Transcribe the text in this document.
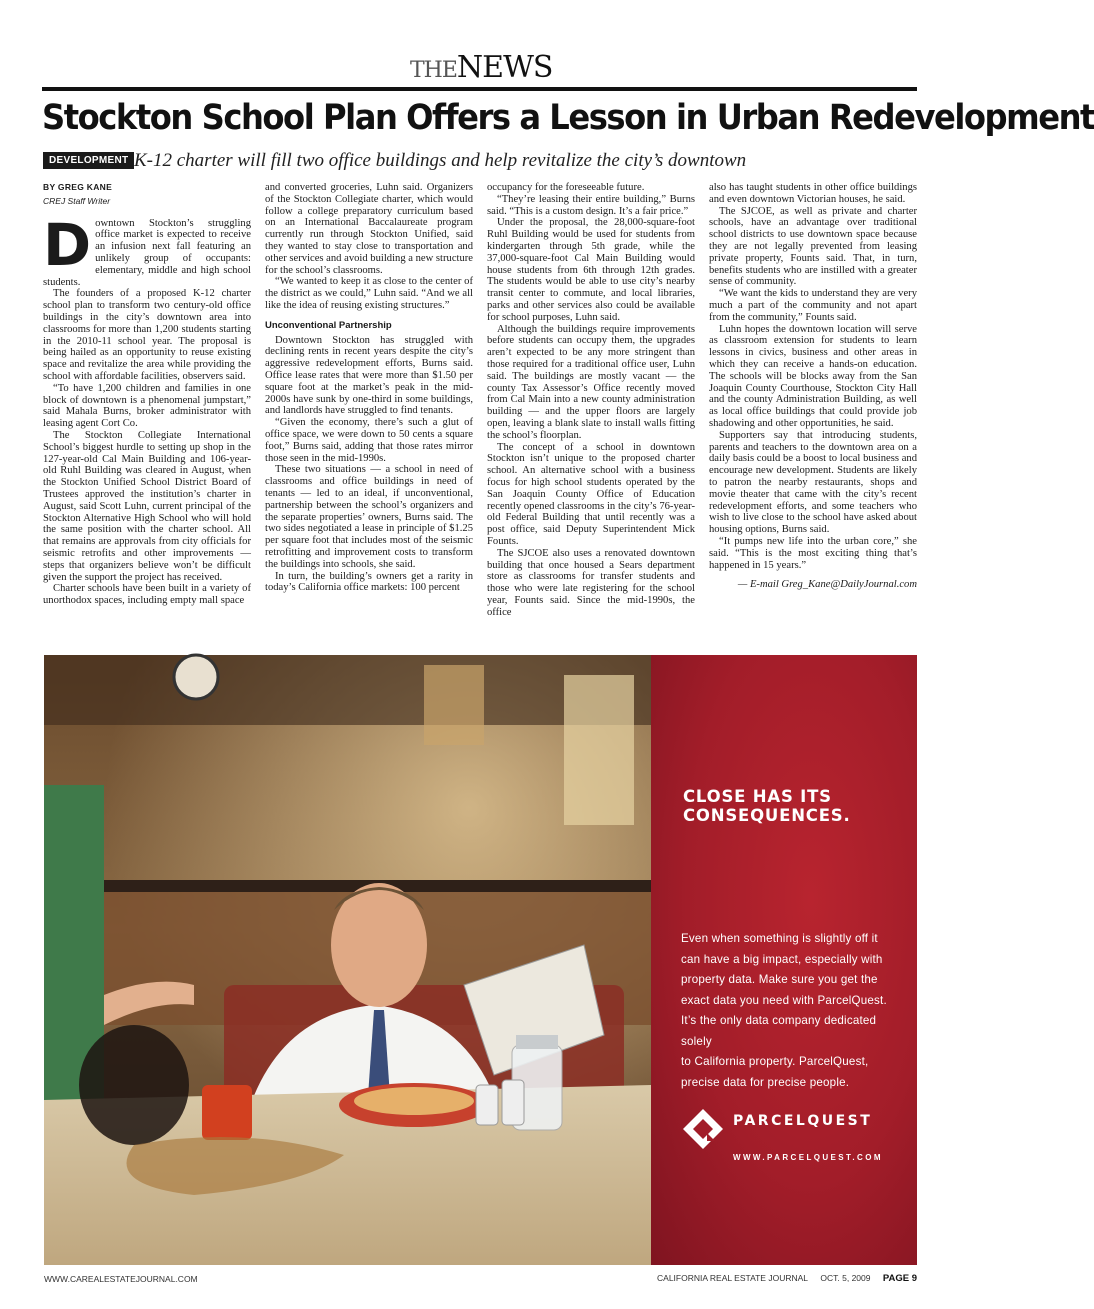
THENEWS
Stockton School Plan Offers a Lesson in Urban Redevelopment
DEVELOPMENT K-12 charter will fill two office buildings and help revitalize the city’s downtown
BY GREG KANE
CREJ Staff Writer

Downtown Stockton’s struggling office market is expected to receive an infusion next fall featuring an unlikely group of occupants: elementary, middle and high school students.

The founders of a proposed K-12 charter school plan to transform two century-old office buildings in the city’s downtown area into classrooms for more than 1,200 students starting in the 2010-11 school year. The proposal is being hailed as an opportunity to reuse existing space and revitalize the area while providing the school with affordable facilities, observers said.

“To have 1,200 children and families in one block of downtown is a phenomenal jumpstart,” said Mahala Burns, broker administrator with leasing agent Cort Co.

The Stockton Collegiate International School’s biggest hurdle to setting up shop in the 127-year-old Cal Main Building and 106-year-old Ruhl Building was cleared in August, when the Stockton Unified School District Board of Trustees approved the institution’s charter in August, said Scott Luhn, current principal of the Stockton Alternative High School who will hold the same position with the charter school. All that remains are approvals from city officials for seismic retrofits and other improvements — steps that organizers believe won’t be difficult given the support the project has received.

Charter schools have been built in a variety of unorthodox spaces, including empty mall space

and converted groceries, Luhn said. Organizers of the Stockton Collegiate charter, which would follow a college preparatory curriculum based on an International Baccalaureate program currently run through Stockton Unified, said they wanted to stay close to transportation and other services and avoid building a new structure for the school’s classrooms.

“We wanted to keep it as close to the center of the district as we could,” Luhn said. “And we all like the idea of reusing existing structures.”

Unconventional Partnership

Downtown Stockton has struggled with declining rents in recent years despite the city’s aggressive redevelopment efforts, Burns said. Office lease rates that were more than $1.50 per square foot at the market’s peak in the mid-2000s have sunk by one-third in some buildings, and landlords have struggled to find tenants.

“Given the economy, there’s such a glut of office space, we were down to 50 cents a square foot,” Burns said, adding that those rates mirror those seen in the mid-1990s.

These two situations — a school in need of classrooms and office buildings in need of tenants — led to an ideal, if unconventional, partnership between the school’s organizers and the separate properties’ owners, Burns said. The two sides negotiated a lease in principle of $1.25 per square foot that includes most of the seismic retrofitting and improvement costs to transform the buildings into schools, she said.

In turn, the building’s owners get a rarity in today’s California office markets: 100 percent

occupancy for the foreseeable future.

“They’re leasing their entire building,” Burns said. “This is a custom design. It’s a fair price.”

Under the proposal, the 28,000-square-foot Ruhl Building would be used for students from kindergarten through 5th grade, while the 37,000-square-foot Cal Main Building would house students from 6th through 12th grades. The students would be able to use city’s nearby transit center to commute, and local libraries, parks and other services also could be available for school purposes, Luhn said.

Although the buildings require improvements before students can occupy them, the upgrades aren’t expected to be any more stringent than those required for a traditional office user, Luhn said. The buildings are mostly vacant — the county Tax Assessor’s Office recently moved from Cal Main into a new county administration building — and the upper floors are largely open, leaving a blank slate to install walls fitting the school’s floorplan.

The concept of a school in downtown Stockton isn’t unique to the proposed charter school. An alternative school with a business focus for high school students operated by the San Joaquin County Office of Education recently opened classrooms in the city’s 76-year-old Federal Building that until recently was a post office, said Deputy Superintendent Mick Founts.

The SJCOE also uses a renovated downtown building that once housed a Sears department store as classrooms for transfer students and those who were late registering for the school year, Founts said. Since the mid-1990s, the office

also has taught students in other office buildings and even downtown Victorian houses, he said.

The SJCOE, as well as private and charter schools, have an advantage over traditional school districts to use downtown space because they are not legally prevented from leasing private property, Founts said. That, in turn, benefits students who are instilled with a greater sense of community.

“We want the kids to understand they are very much a part of the community and not apart from the community,” Founts said.

Luhn hopes the downtown location will serve as classroom extension for students to learn lessons in civics, business and other areas in which they can receive a hands-on education. The schools will be blocks away from the San Joaquin County Courthouse, Stockton City Hall and the county Administration Building, as well as local office buildings that could provide job shadowing and other opportunities, he said.

Supporters say that introducing students, parents and teachers to the downtown area on a daily basis could be a boost to local business and encourage new development. Students are likely to patron the nearby restaurants, shops and movie theater that came with the city’s recent redevelopment efforts, and some teachers who wish to live close to the school have asked about housing options, Burns said.

“It pumps new life into the urban core,” she said. “This is the most exciting thing that’s happened in 15 years.”

— E-mail Greg_Kane@DailyJournal.com

CLOSE HAS ITS
CONSEQUENCES.
Even when something is slightly off it
can have a big impact, especially with
property data. Make sure you get the
exact data you need with ParcelQuest.
It’s the only data company dedicated solely
to California property. ParcelQuest,
precise data for precise people.
PARCELQUEST
WWW.PARCELQUEST.COM
WWW.CAREALESTATEJOURNAL.COM	CALIFORNIA REAL ESTATE JOURNAL OCT. 5, 2009 PAGE 9
